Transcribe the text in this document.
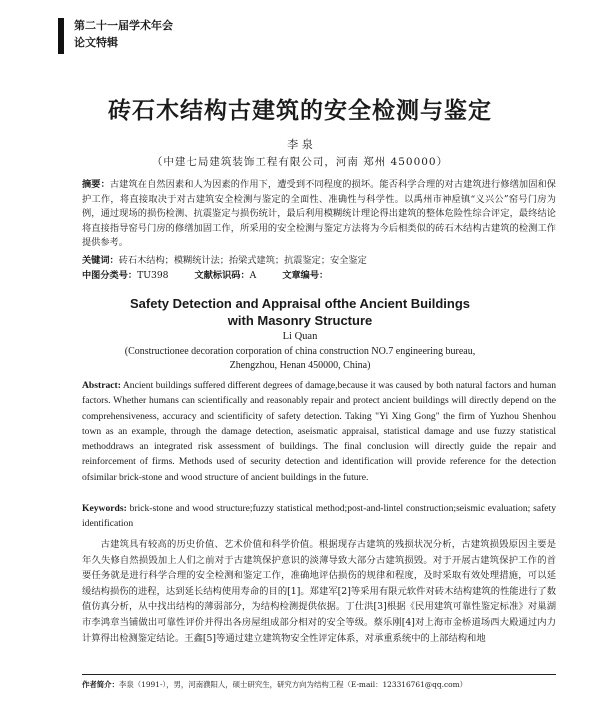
第二十一届学术年会
论文特辑
砖石木结构古建筑的安全检测与鉴定
李 泉
（中建七局建筑装饰工程有限公司，河南 郑州 450000）
摘要：古建筑在自然因素和人为因素的作用下，遭受到不同程度的损坏。能否科学合理的对古建筑进行修缮加固和保护工作，将直接取决于对古建筑安全检测与鉴定的全面性、准确性与科学性。以禹州市神垕镇“义兴公”窑号门房为例，通过现场的损伤检测、抗震鉴定与损伤统计，最后利用模糊统计理论得出建筑的整体危险性综合评定，最终结论将直接指导窑号门房的修缮加固工作，所采用的安全检测与鉴定方法将为今后相类似的砖石木结构古建筑的检测工作提供参考。
关键词：砖石木结构；模糊统计法；抬梁式建筑；抗震鉴定；安全鉴定
中图分类号：TU398	文献标识码：A	文章编号：
Safety Detection and Appraisal ofthe Ancient Buildings
with Masonry Structure
Li Quan
(Constructionee decoration corporation of china construction NO.7 engineering bureau,
Zhengzhou, Henan 450000, China)
Abstract: Ancient buildings suffered different degrees of damage,because it was caused by both natural factors and human factors. Whether humans can scientifically and reasonably repair and protect ancient buildings will directly depend on the comprehensiveness, accuracy and scientificity of safety detection. Taking "Yi Xing Gong" the firm of Yuzhou Shenhou town as an example, through the damage detection, aseismatic appraisal, statistical damage and use fuzzy statistical methoddraws an integrated risk assessment of buildings. The final conclusion will directly guide the repair and reinforcement of firms. Methods used of security detection and identification will provide reference for the detection ofsimilar brick-stone and wood structure of ancient buildings in the future.
Keywords: brick-stone and wood structure;fuzzy statistical method;post-and-lintel construction;seismic evaluation; safety identification
古建筑具有较高的历史价值、艺术价值和科学价值。根据现存古建筑的残损状况分析，古建筑损毁原因主要是年久失修自然损毁加上人们之前对于古建筑保护意识的淡薄导致大部分古建筑损毁。对于开展古建筑保护工作的首要任务就是进行科学合理的安全检测和鉴定工作，准确地评估损伤的规律和程度，及时采取有效处理措施，可以延缓结构损伤的进程，达到延长结构使用寿命的目的[1]。郑建军[2]等采用有限元软件对砖木结构建筑的性能进行了数值仿真分析，从中找出结构的薄弱部分，为结构检测提供依据。丁仕洪[3]根据《民用建筑可靠性鉴定标准》对巢湖市李鸿章当铺做出可靠性评价并得出各房屋组成部分相对的安全等级。蔡乐刚[4]对上海市金桥道场西大殿通过内力计算得出检测鉴定结论。王鑫[5]等通过建立建筑物安全性评定体系，对承重系统中的上部结构和地
作者简介：李泉（1991-），男，河南濮阳人，硕士研究生，研究方向为结构工程（E-mail：123316761@qq.com）
